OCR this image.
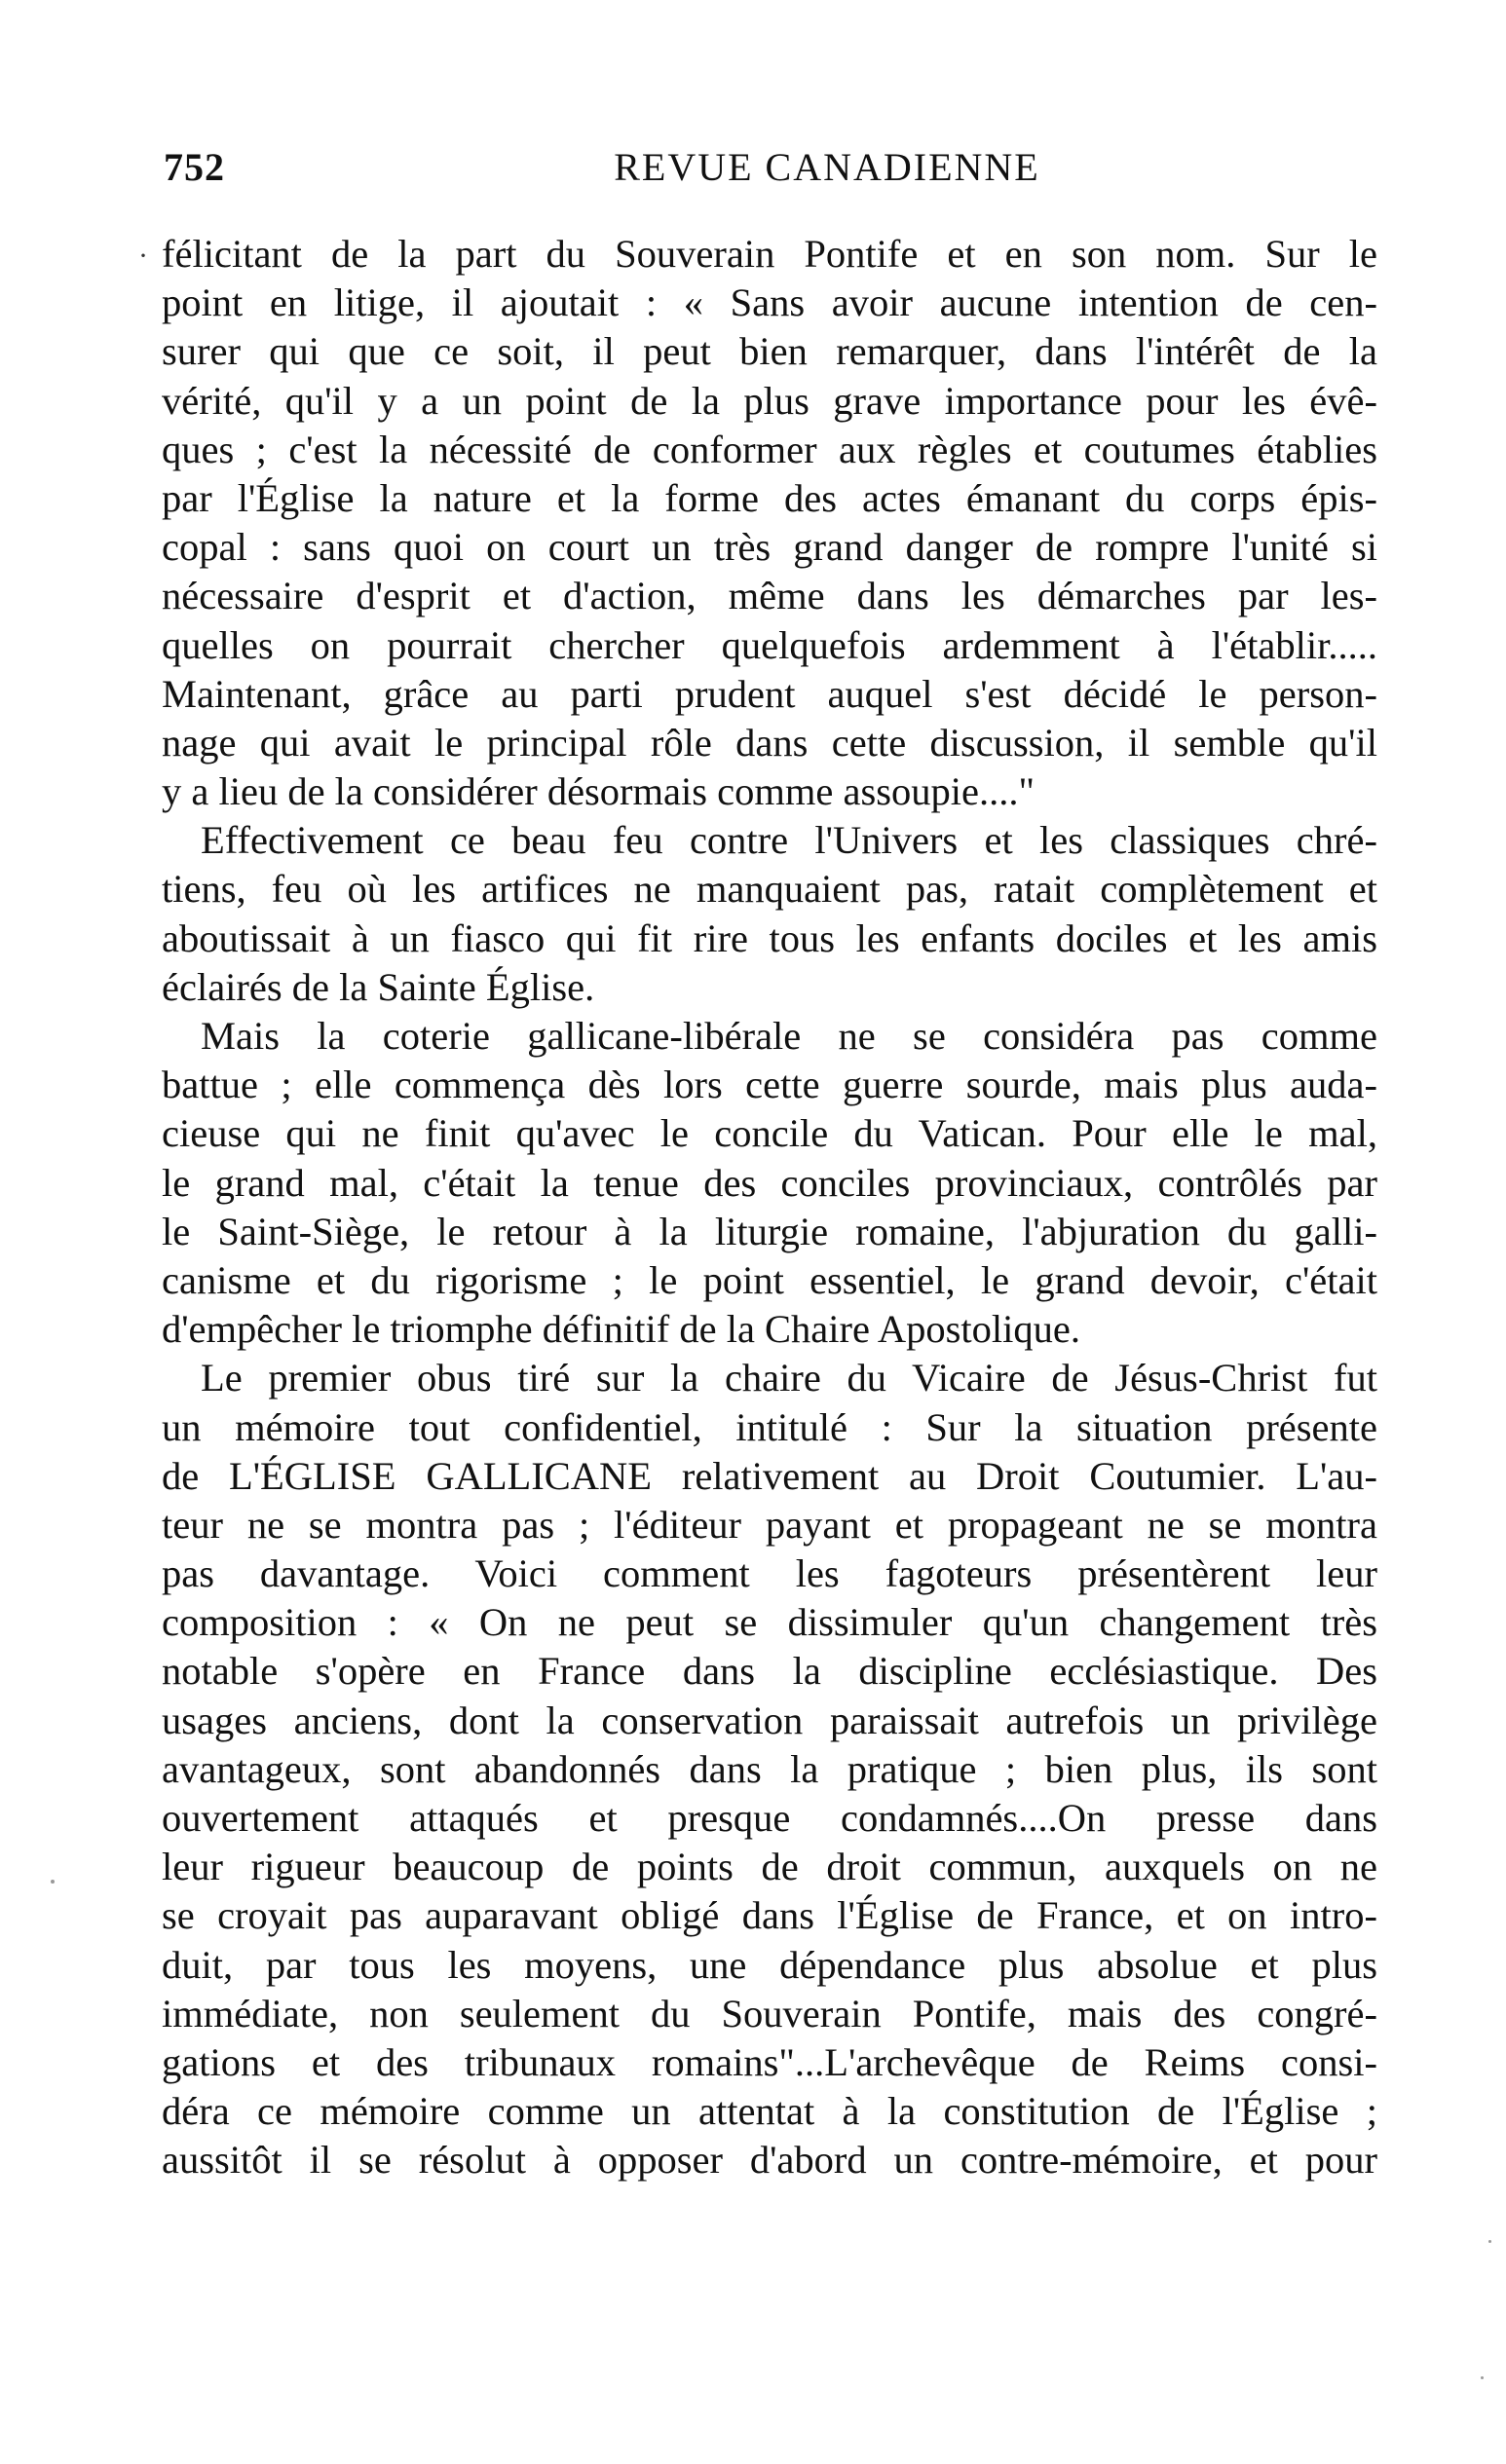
752	REVUE CANADIENNE
· félicitant de la part du Souverain Pontife et en son nom. Sur le
point en litige, il ajoutait : « Sans avoir aucune intention de cen-
surer qui que ce soit, il peut bien remarquer, dans l'intérêt de la
vérité, qu'il y a un point de la plus grave importance pour les évê-
ques ; c'est la nécessité de conformer aux règles et coutumes établies
par l'Église la nature et la forme des actes émanant du corps épis-
copal : sans quoi on court un très grand danger de rompre l'unité si
nécessaire d'esprit et d'action, même dans les démarches par les-
quelles on pourrait chercher quelquefois ardemment à l'établir.....
Maintenant, grâce au parti prudent auquel s'est décidé le person-
nage qui avait le principal rôle dans cette discussion, il semble qu'il
y a lieu de la considérer désormais comme assoupie...."
Effectivement ce beau feu contre l'Univers et les classiques chré-
tiens, feu où les artifices ne manquaient pas, ratait complètement et
aboutissait à un fiasco qui fit rire tous les enfants dociles et les amis
éclairés de la Sainte Église.
Mais la coterie gallicane-libérale ne se considéra pas comme
battue ; elle commença dès lors cette guerre sourde, mais plus auda-
cieuse qui ne finit qu'avec le concile du Vatican. Pour elle le mal,
le grand mal, c'était la tenue des conciles provinciaux, contrôlés par
le Saint-Siège, le retour à la liturgie romaine, l'abjuration du galli-
canisme et du rigorisme ; le point essentiel, le grand devoir, c'était
d'empêcher le triomphe définitif de la Chaire Apostolique.
Le premier obus tiré sur la chaire du Vicaire de Jésus-Christ fut
un mémoire tout confidentiel, intitulé : Sur la situation présente
de L'ÉGLISE GALLICANE relativement au Droit Coutumier. L'au-
teur ne se montra pas ; l'éditeur payant et propageant ne se montra
pas davantage. Voici comment les fagoteurs présentèrent leur
composition : « On ne peut se dissimuler qu'un changement très
notable s'opère en France dans la discipline ecclésiastique. Des
usages anciens, dont la conservation paraissait autrefois un privilège
avantageux, sont abandonnés dans la pratique ; bien plus, ils sont
ouvertement attaqués et presque condamnés....On presse dans
leur rigueur beaucoup de points de droit commun, auxquels on ne
se croyait pas auparavant obligé dans l'Église de France, et on intro-
duit, par tous les moyens, une dépendance plus absolue et plus
immédiate, non seulement du Souverain Pontife, mais des congré-
gations et des tribunaux romains"...L'archevêque de Reims consi-
déra ce mémoire comme un attentat à la constitution de l'Église ;
aussitôt il se résolut à opposer d'abord un contre-mémoire, et pour
